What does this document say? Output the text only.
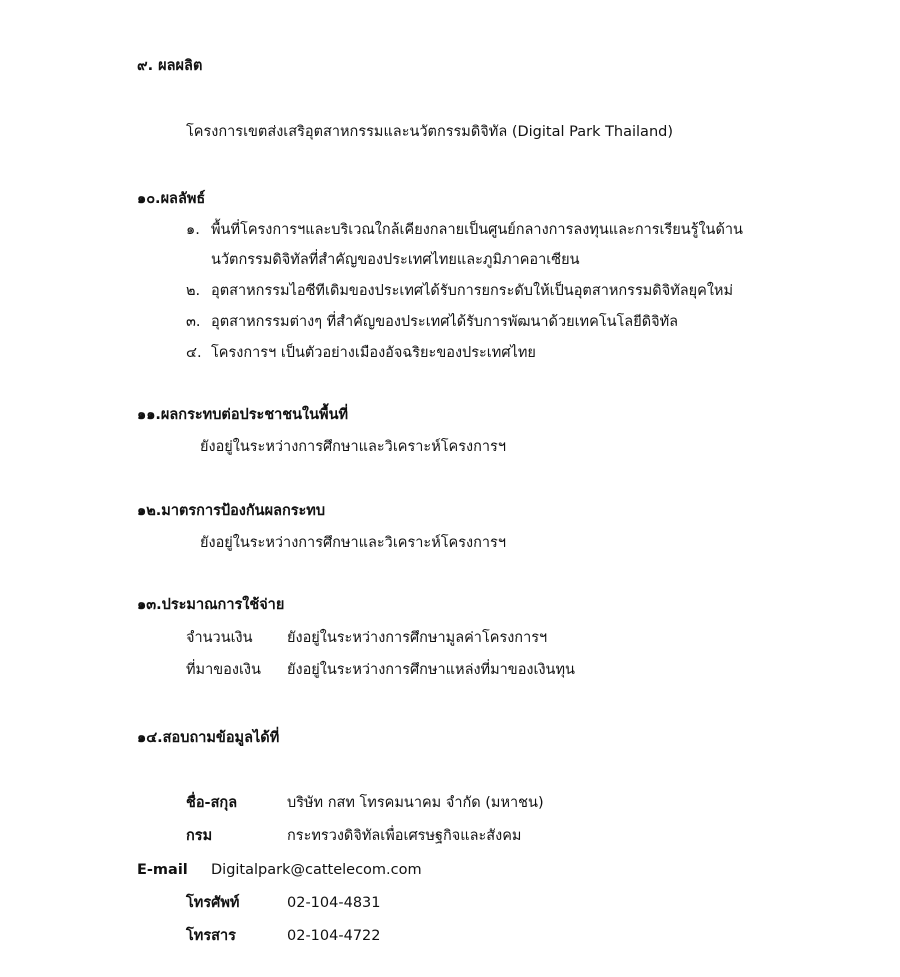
๙. ผลผลิต
โครงการเขตส่งเสริอุตสาหกรรมและนวัตกรรมดิจิทัล (Digital Park Thailand)
๑๐.ผลลัพธ์
๑. พื้นที่โครงการฯและบริเวณใกล้เคียงกลายเป็นศูนย์กลางการลงทุนและการเรียนรู้ในด้าน
นวัตกรรมดิจิทัลที่สำคัญของประเทศไทยและภูมิภาคอาเซียน
๒. อุตสาหกรรมไอซีทีเดิมของประเทศได้รับการยกระดับให้เป็นอุตสาหกรรมดิจิทัลยุคใหม่
๓. อุตสาหกรรมต่างๆ ที่สำคัญของประเทศได้รับการพัฒนาด้วยเทคโนโลยีดิจิทัล
๔. โครงการฯ เป็นตัวอย่างเมืองอัจฉริยะของประเทศไทย
๑๑.ผลกระทบต่อประชาชนในพื้นที่
ยังอยู่ในระหว่างการศึกษาและวิเคราะห์โครงการฯ
๑๒.มาตรการป้องกันผลกระทบ
ยังอยู่ในระหว่างการศึกษาและวิเคราะห์โครงการฯ
๑๓.ประมาณการใช้จ่าย
จำนวนเงิน ยังอยู่ในระหว่างการศึกษามูลค่าโครงการฯ
ที่มาของเงิน ยังอยู่ในระหว่างการศึกษาแหล่งที่มาของเงินทุน
๑๔.สอบถามข้อมูลได้ที่
ชื่อ-สกุล	บริษัท กสท โทรคมนาคม จำกัด (มหาชน)
กรม	กระทรวงดิจิทัลเพื่อเศรษฐกิจและสังคม
E-mail Digitalpark@cattelecom.com
โทรศัพท์	02-104-4831
โทรสาร	02-104-4722
